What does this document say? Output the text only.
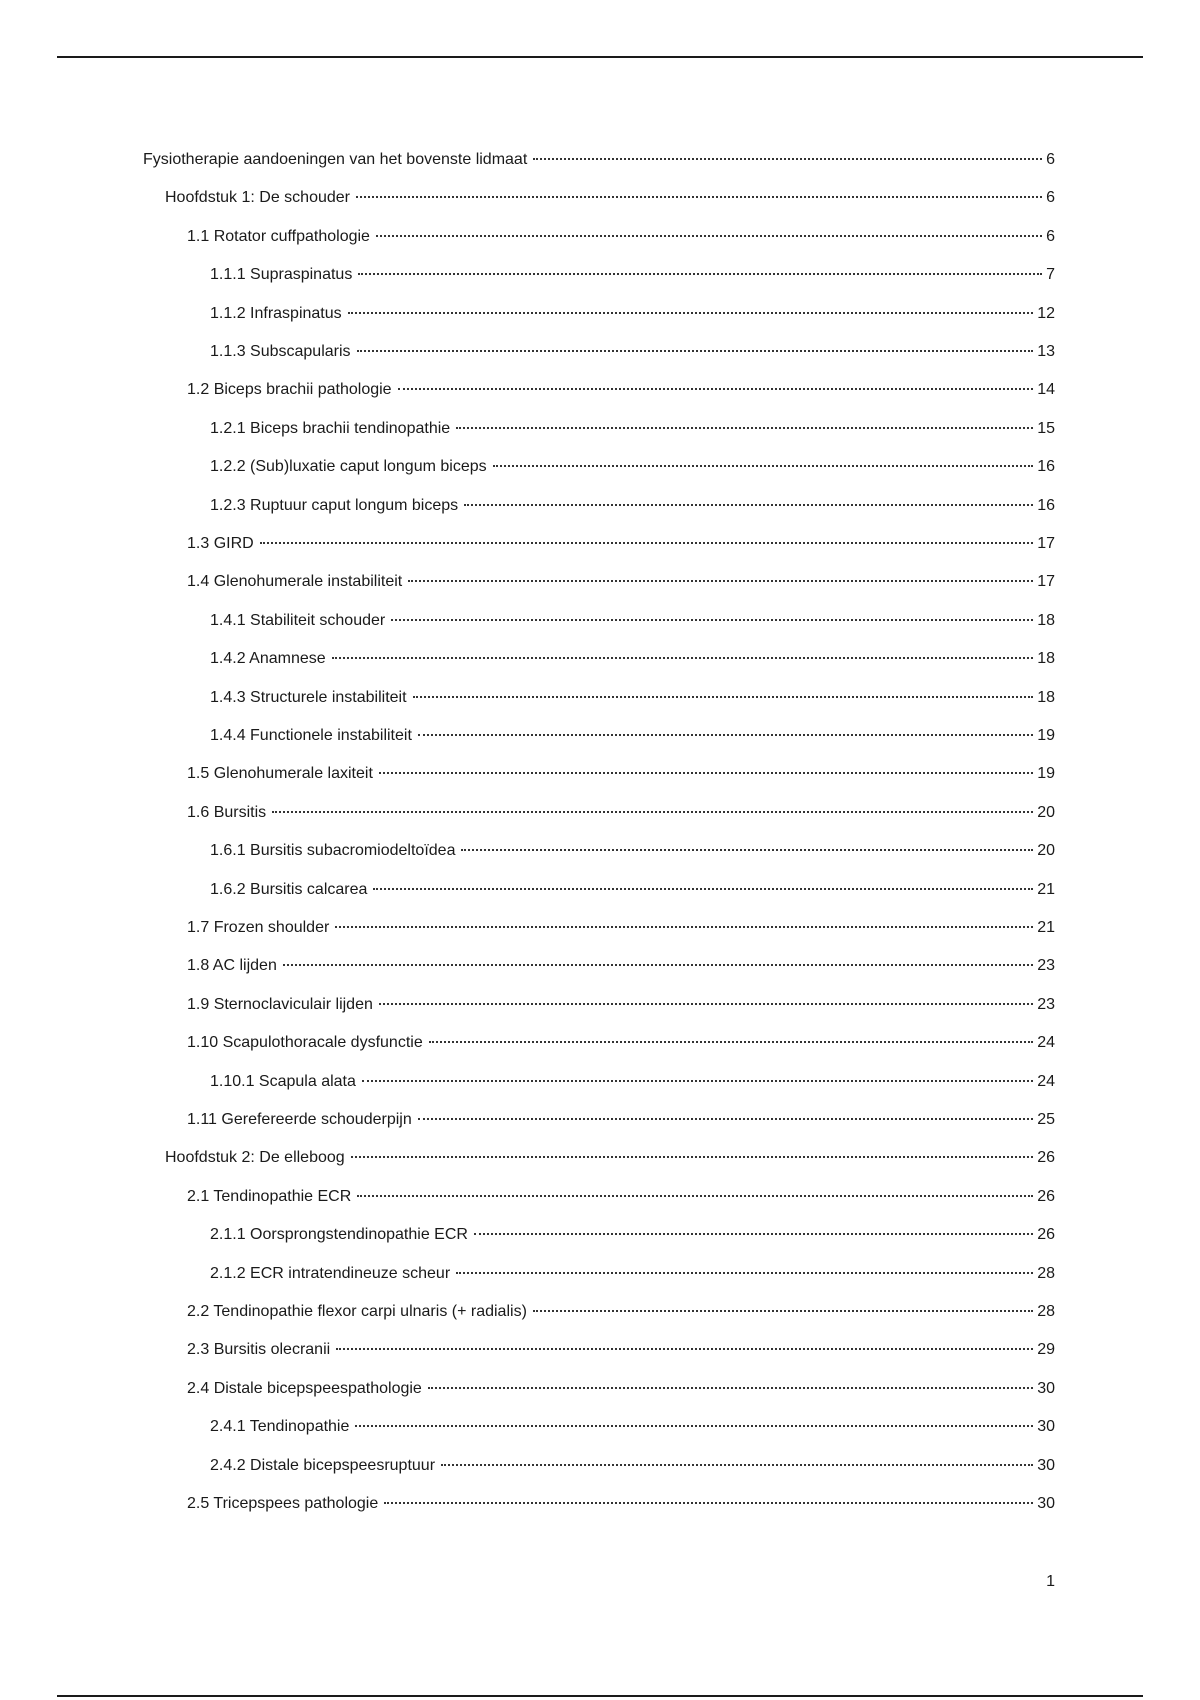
Fysiotherapie aandoeningen van het bovenste lidmaat	6
Hoofdstuk 1: De schouder	6
1.1 Rotator cuffpathologie	6
1.1.1 Supraspinatus	7
1.1.2 Infraspinatus	12
1.1.3 Subscapularis	13
1.2 Biceps brachii pathologie	14
1.2.1 Biceps brachii tendinopathie	15
1.2.2 (Sub)luxatie caput longum biceps	16
1.2.3 Ruptuur caput longum biceps	16
1.3 GIRD	17
1.4 Glenohumerale instabiliteit	17
1.4.1 Stabiliteit schouder	18
1.4.2 Anamnese	18
1.4.3 Structurele instabiliteit	18
1.4.4 Functionele instabiliteit	19
1.5 Glenohumerale laxiteit	19
1.6 Bursitis	20
1.6.1 Bursitis subacromiodeltoïdea	20
1.6.2 Bursitis calcarea	21
1.7 Frozen shoulder	21
1.8 AC lijden	23
1.9 Sternoclaviculair lijden	23
1.10 Scapulothoracale dysfunctie	24
1.10.1 Scapula alata	24
1.11 Gerefereerde schouderpijn	25
Hoofdstuk 2: De elleboog	26
2.1 Tendinopathie ECR	26
2.1.1 Oorsprongstendinopathie ECR	26
2.1.2 ECR intratendineuze scheur	28
2.2 Tendinopathie flexor carpi ulnaris (+ radialis)	28
2.3 Bursitis olecranii	29
2.4 Distale bicepspeespathologie	30
2.4.1 Tendinopathie	30
2.4.2 Distale bicepspeesruptuur	30
2.5 Tricepspees pathologie	30
1
